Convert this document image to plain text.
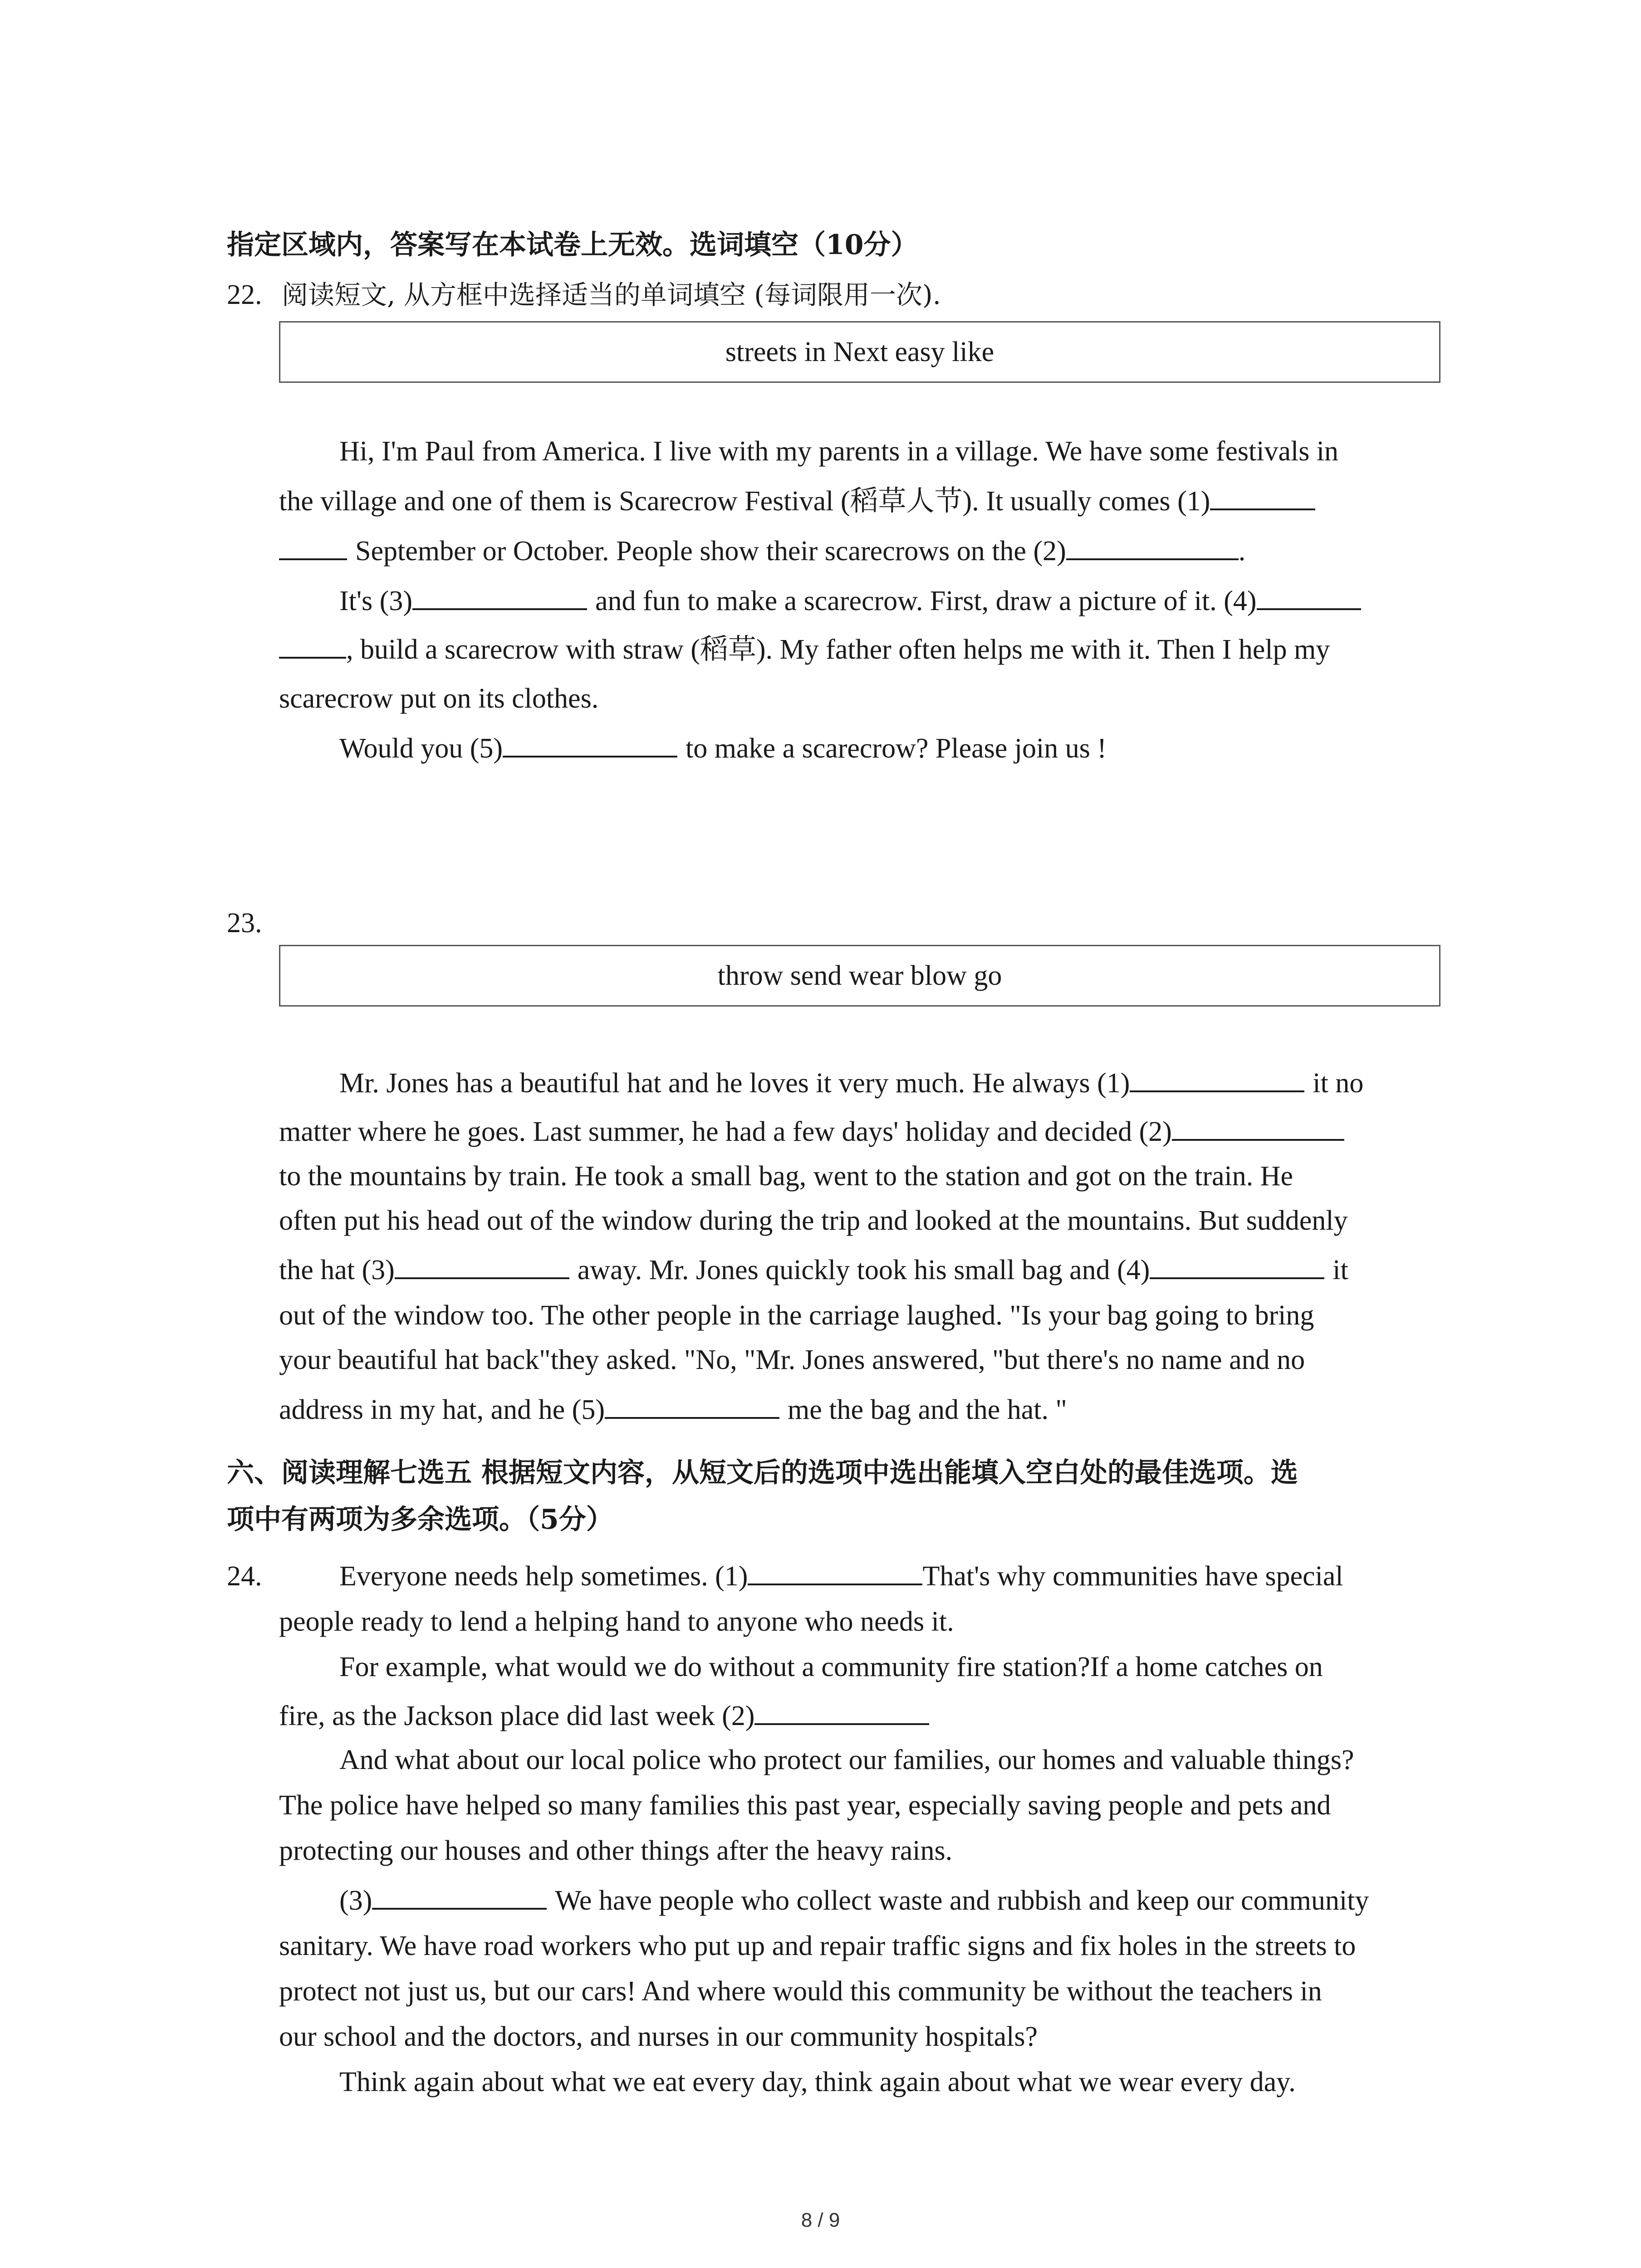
指定区域内，答案写在本试卷上无效。选词填空（10分）
22. 阅读短文, 从方框中选择适当的单词填空 (每词限用一次).
streets in Next easy like
Hi, I'm Paul from America. I live with my parents in a village. We have some festivals in
the village and one of them is Scarecrow Festival (稻草人节). It usually comes (1)
September or October. People show their scarecrows on the (2)	.
It's (3)	and fun to make a scarecrow. First, draw a picture of it. (4)
, build a scarecrow with straw (稻草). My father often helps me with it. Then I help my
scarecrow put on its clothes.
Would you (5)	to make a scarecrow? Please join us !
23.
throw send wear blow go
Mr. Jones has a beautiful hat and he loves it very much. He always (1)	it no
matter where he goes. Last summer, he had a few days' holiday and decided (2)
to the mountains by train. He took a small bag, went to the station and got on the train. He
often put his head out of the window during the trip and looked at the mountains. But suddenly
the hat (3)	away. Mr. Jones quickly took his small bag and (4)	it
out of the window too. The other people in the carriage laughed. "Is your bag going to bring
your beautiful hat back"they asked. "No, "Mr. Jones answered, "but there's no name and no
address in my hat, and he (5)	me the bag and the hat. "
六、阅读理解七选五 根据短文内容，从短文后的选项中选出能填入空白处的最佳选项。选
项中有两项为多余选项。（5分）
24.	Everyone needs help sometimes. (1)	That's why communities have special
people ready to lend a helping hand to anyone who needs it.
For example, what would we do without a community fire station?If a home catches on
fire, as the Jackson place did last week (2)
And what about our local police who protect our families, our homes and valuable things?
The police have helped so many families this past year, especially saving people and pets and
protecting our houses and other things after the heavy rains.
(3)	We have people who collect waste and rubbish and keep our community
sanitary. We have road workers who put up and repair traffic signs and fix holes in the streets to
protect not just us, but our cars! And where would this community be without the teachers in
our school and the doctors, and nurses in our community hospitals?
Think again about what we eat every day, think again about what we wear every day.
8 / 9
